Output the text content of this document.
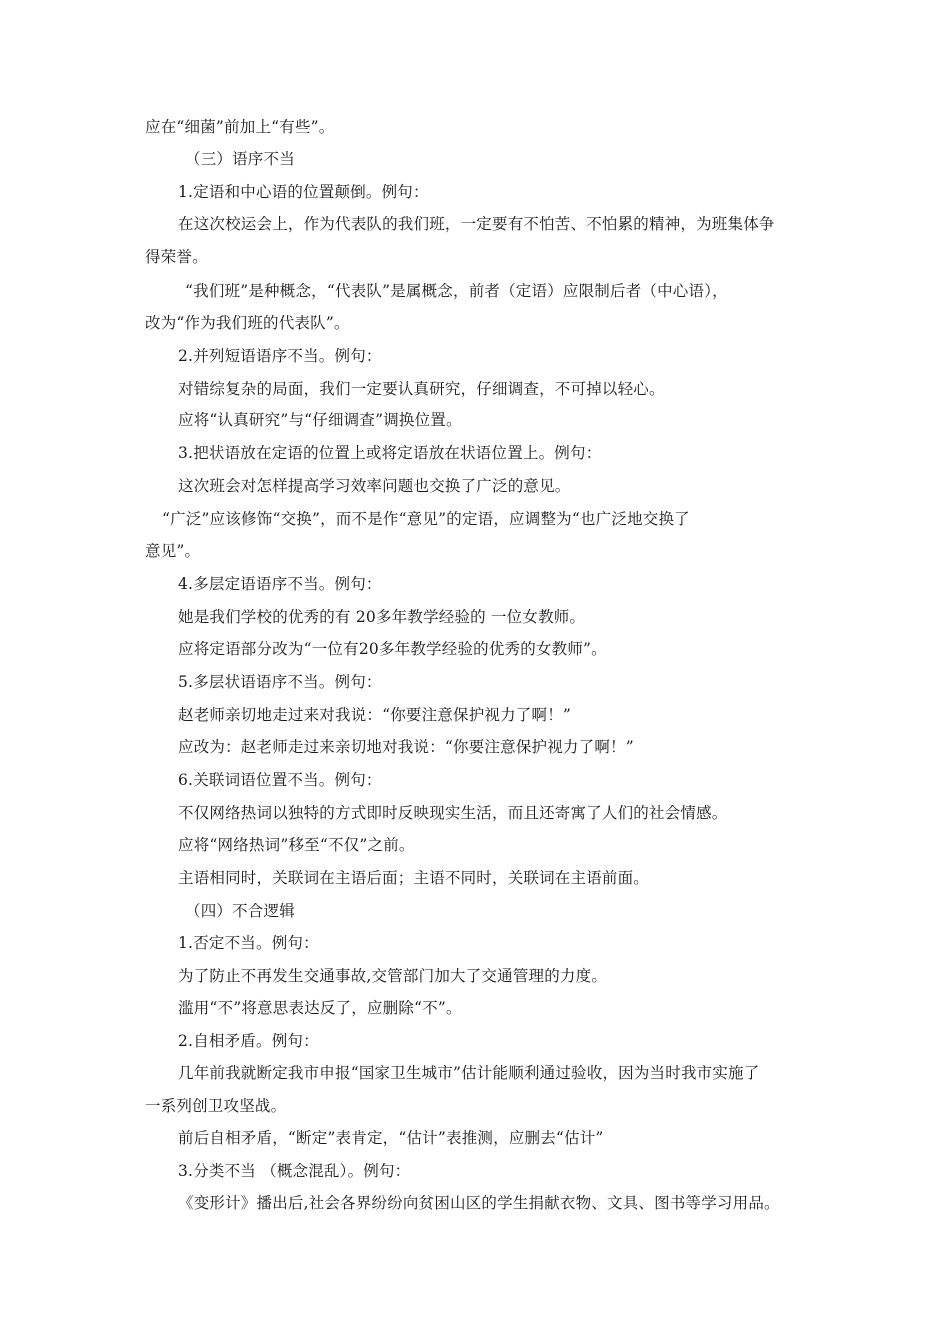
应在“细菌”前加上“有些”。
（三）语序不当
1.定语和中心语的位置颠倒。例句：
在这次校运会上，作为代表队的我们班，一定要有不怕苦、不怕累的精神，为班集体争
得荣誉。
“我们班”是种概念，“代表队”是属概念，前者（定语）应限制后者（中心语），
改为“作为我们班的代表队”。
2.并列短语语序不当。例句：
对错综复杂的局面，我们一定要认真研究，仔细调查，不可掉以轻心。
应将“认真研究”与“仔细调查”调换位置。
3.把状语放在定语的位置上或将定语放在状语位置上。例句：
这次班会对怎样提高学习效率问题也交换了广泛的意见。
“广泛”应该修饰“交换”，而不是作“意见”的定语，应调整为“也广泛地交换了
意见”。
4.多层定语语序不当。例句：
她是我们学校的优秀的有 20多年教学经验的 一位女教师。
应将定语部分改为“一位有20多年教学经验的优秀的女教师”。
5.多层状语语序不当。例句：
赵老师亲切地走过来对我说：“你要注意保护视力了啊！”
应改为：赵老师走过来亲切地对我说：“你要注意保护视力了啊！”
6.关联词语位置不当。例句：
不仅网络热词以独特的方式即时反映现实生活，而且还寄寓了人们的社会情感。
应将“网络热词”移至“不仅”之前。
主语相同时，关联词在主语后面；主语不同时，关联词在主语前面。
（四）不合逻辑
1.否定不当。例句：
为了防止不再发生交通事故,交管部门加大了交通管理的力度。
滥用“不”将意思表达反了，应删除“不”。
2.自相矛盾。例句：
几年前我就断定我市申报“国家卫生城市”估计能顺利通过验收，因为当时我市实施了
一系列创卫攻坚战。
前后自相矛盾，“断定”表肯定，“估计”表推测，应删去“估计”
3.分类不当 （概念混乱）。例句：
《变形计》播出后,社会各界纷纷向贫困山区的学生捐献衣物、文具、图书等学习用品。
